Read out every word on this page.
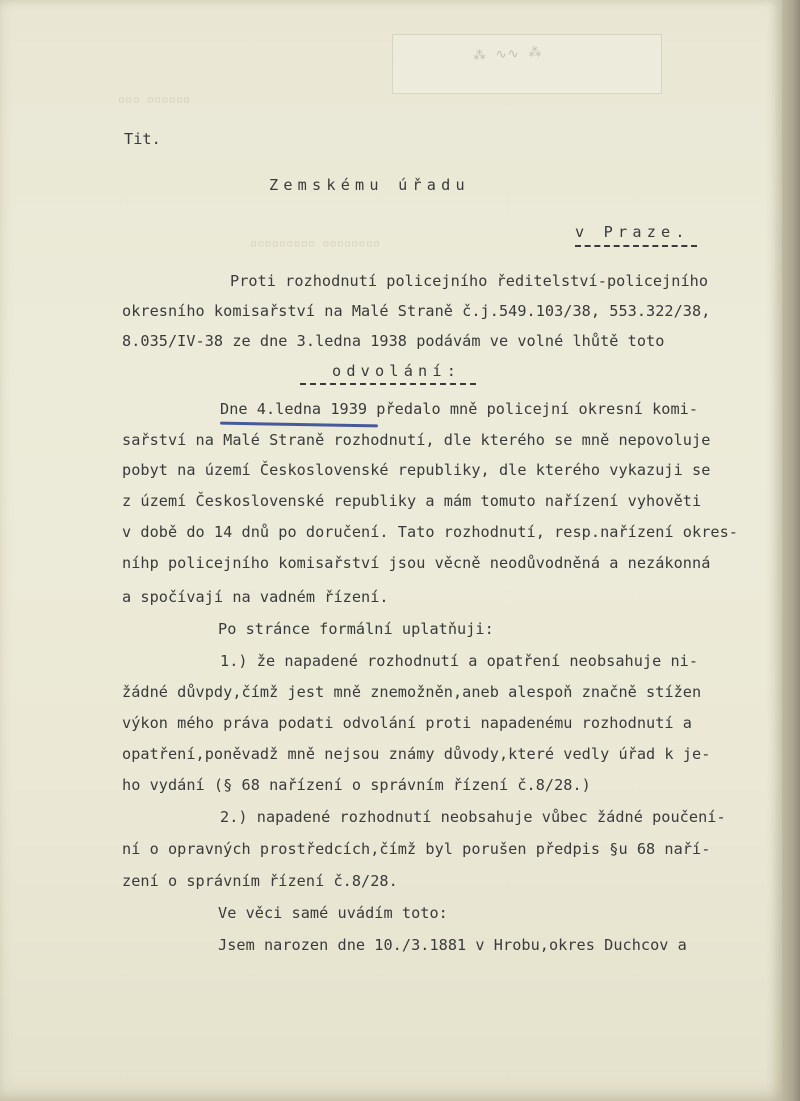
⁂ ∿∿ ⁂
▫▫▫ ▫▫▫▫▫▫
▫▫▫▫▫▫▫▫▫ ▫▫▫▫▫▫▫▫
Tit.
Zemskému úřadu
v Praze.
Proti rozhodnutí policejního ředitelství-policejního
okresního komisařství na Malé Straně č.j.549.103/38, 553.322/38,
8.035/IV-38 ze dne 3.ledna 1938 podávám ve volné lhůtě toto
odvolání:
Dne 4.ledna 1939 předalo mně policejní okresní komi-
sařství na Malé Straně rozhodnutí, dle kterého se mně nepovoluje
pobyt na území Československé republiky, dle kterého vykazuji se
z území Československé republiky a mám tomuto nařízení vyhověti
v době do 14 dnů po doručení. Tato rozhodnutí, resp.nařízení okres-
níhp policejního komisařství jsou věcně neodůvodněná a nezákonná
a spočívají na vadném řízení.
Po stránce formální uplatňuji:
1.) že napadené rozhodnutí a opatření neobsahuje ni-
žádné důvpdy,čímž jest mně znemožněn,aneb alespoň značně stížen
výkon mého práva podati odvolání proti napadenému rozhodnutí a
opatření,poněvadž mně nejsou známy důvody,které vedly úřad k je-
ho vydání (§ 68 nařízení o správním řízení č.8/28.)
2.) napadené rozhodnutí neobsahuje vůbec žádné poučení-
ní o opravných prostředcích,čímž byl porušen předpis §u 68 naří-
zení o správním řízení č.8/28.
Ve věci samé uvádím toto:
Jsem narozen dne 10./3.1881 v Hrobu,okres Duchcov a
